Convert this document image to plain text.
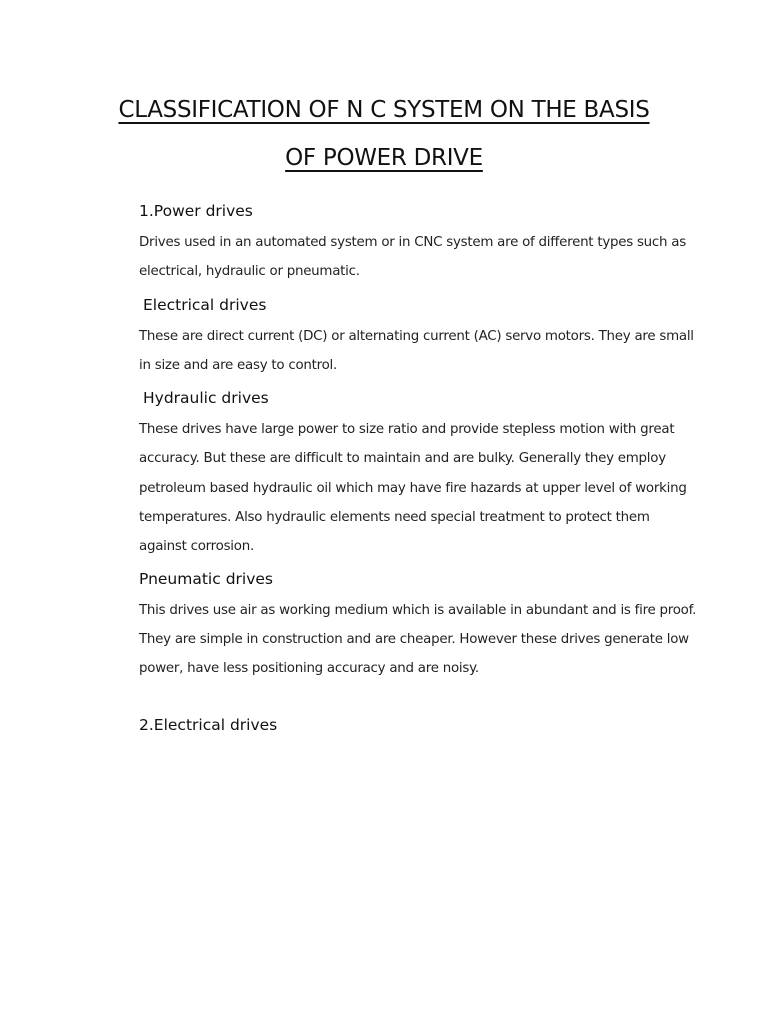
CLASSIFICATION OF N C SYSTEM ON THE BASIS
OF POWER DRIVE

1.Power drives

Drives used in an automated system or in CNC system are of different types such as electrical, hydraulic or pneumatic.

Electrical drives

These are direct current (DC) or alternating current (AC) servo motors. They are small in size and are easy to control.

Hydraulic drives

These drives have large power to size ratio and provide stepless motion with great accuracy. But these are difficult to maintain and are bulky. Generally they employ petroleum based hydraulic oil which may have fire hazards at upper level of working temperatures. Also hydraulic elements need special treatment to protect them against corrosion.

Pneumatic drives

This drives use air as working medium which is available in abundant and is fire proof. They are simple in construction and are cheaper. However these drives generate low power, have less positioning accuracy and are noisy.

2.Electrical drives
